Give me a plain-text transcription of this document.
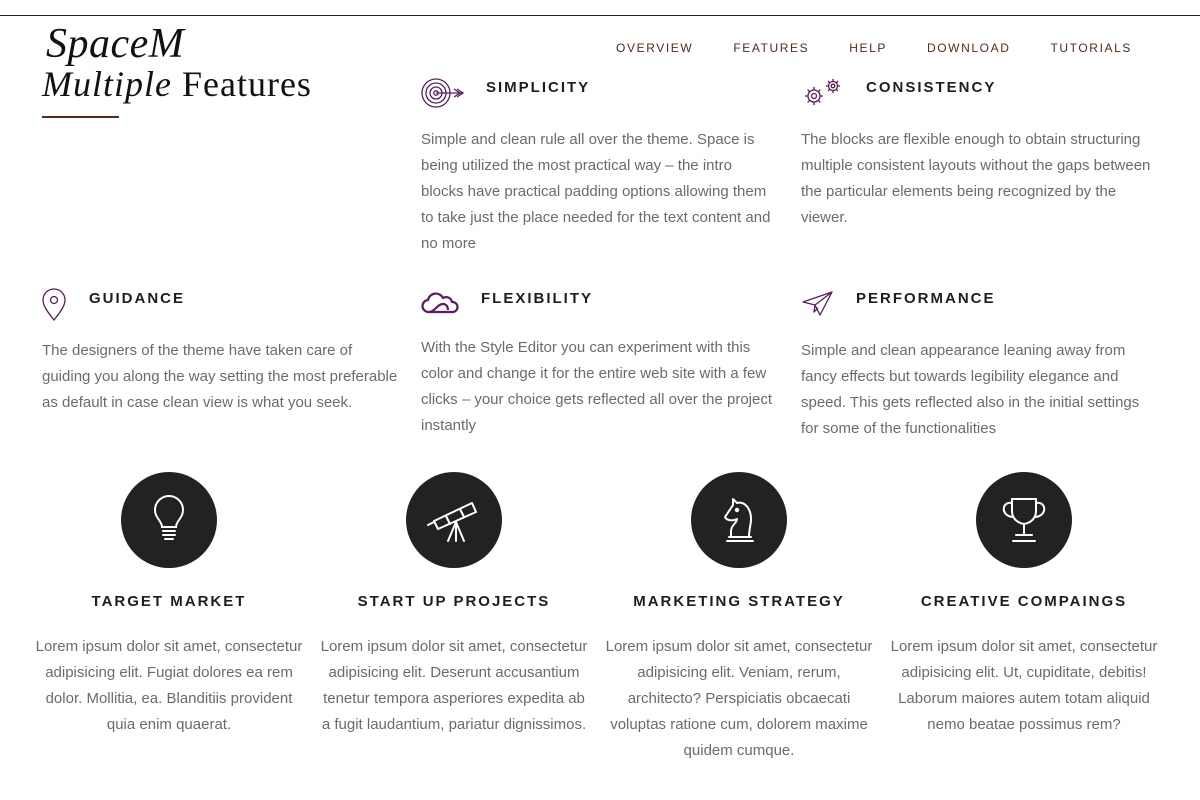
SpaceM	OVERVIEW	FEATURES	HELP	DOWNLOAD	TUTORIALS
Multiple Features	SIMPLICITY

Simple and clean rule all over the theme. Space is being utilized the most practical way – the intro blocks have practical padding options allowing them to take just the place needed for the text content and no more

CONSISTENCY

The blocks are flexible enough to obtain structuring multiple consistent layouts without the gaps between the particular elements being recognized by the viewer.

GUIDANCE

The designers of the theme have taken care of guiding you along the way setting the most preferable as default in case clean view is what you seek.

FLEXIBILITY

With the Style Editor you can experiment with this color and change it for the entire web site with a few clicks – your choice gets reflected all over the project instantly

PERFORMANCE

Simple and clean appearance leaning away from fancy effects but towards legibility elegance and speed. This gets reflected also in the initial settings for some of the functionalities

TARGET MARKET

Lorem ipsum dolor sit amet, consectetur adipisicing elit. Fugiat dolores ea rem dolor. Mollitia, ea. Blanditiis provident quia enim quaerat.

START UP PROJECTS

Lorem ipsum dolor sit amet, consectetur adipisicing elit. Deserunt accusantium tenetur tempora asperiores expedita ab a fugit laudantium, pariatur dignissimos.

MARKETING STRATEGY

Lorem ipsum dolor sit amet, consectetur adipisicing elit. Veniam, rerum, architecto? Perspiciatis obcaecati voluptas ratione cum, dolorem maxime quidem cumque.

CREATIVE COMPAINGS

Lorem ipsum dolor sit amet, consectetur adipisicing elit. Ut, cupiditate, debitis! Laborum maiores autem totam aliquid nemo beatae possimus rem?
